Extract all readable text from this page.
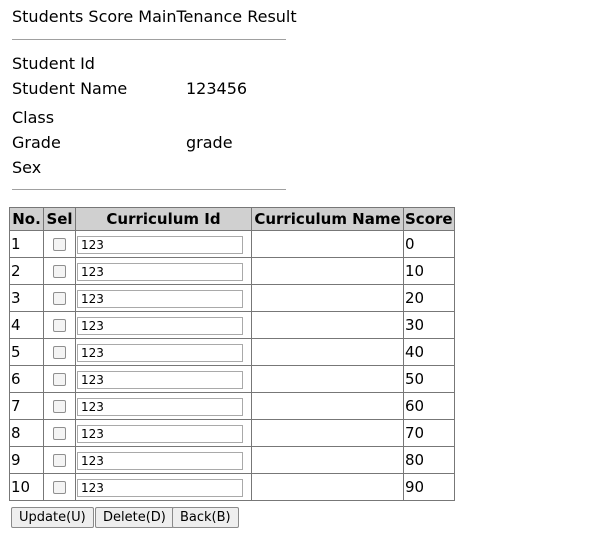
Students Score MainTenance Result
Student Id
Student Name	123456
Class
Grade	grade
Sex
No.	Sel	Curriculum Id	Curriculum Name	Score
1		123		0
2		123		10
3		123		20
4		123		30
5		123		40
6		123		50
7		123		60
8		123		70
9		123		80
10		123		90
Update(U)	Delete(D)	Back(B)
